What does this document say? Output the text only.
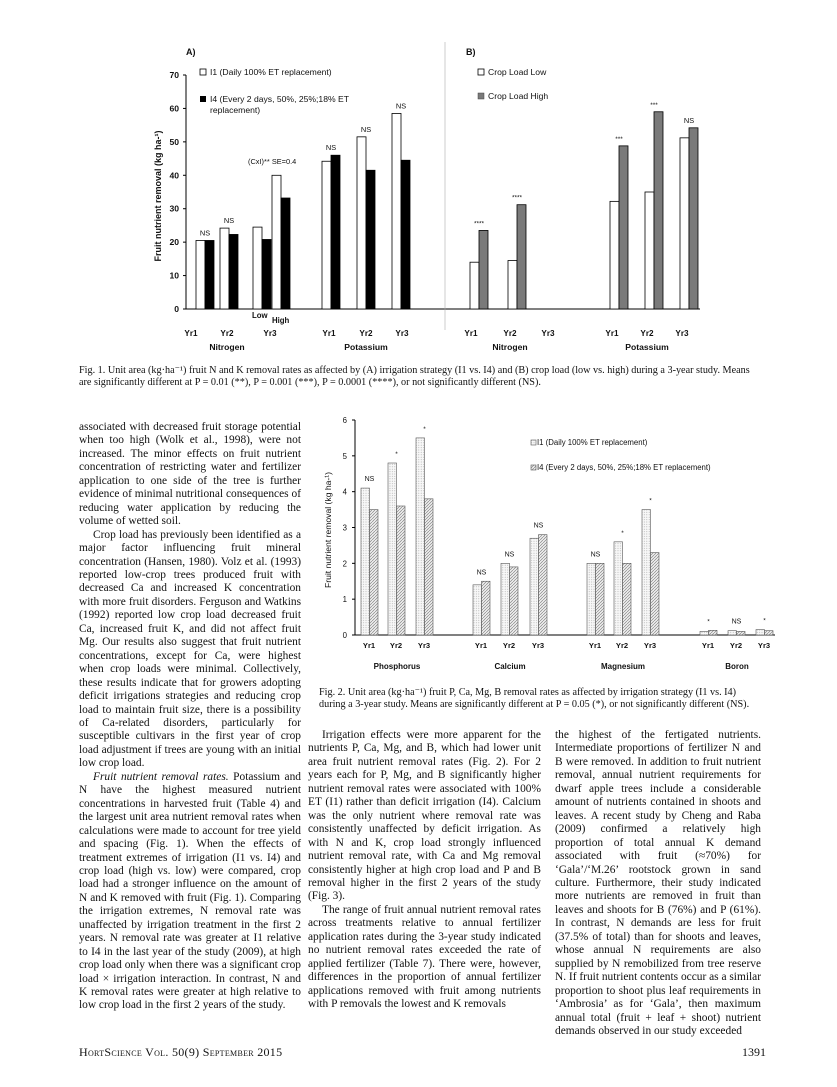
A)	B)
Fruit nutrient removal (kg ha-¹)
0
10
20
30
40
50
60
70	I1 (Daily 100% ET replacement)
I4 (Every 2 days, 50%, 25%;18% ET
replacement)
(CxI)** SE=0.4
Crop Load Low
Crop Load High
NS
NS
NS
NS
NS
****
****
***
***
NS
Low
High
Yr1	Yr2	Yr3	Yr1	Yr2	Yr3	Yr1	Yr2	Yr3	Yr1	Yr2	Yr3
Nitrogen	Potassium	Nitrogen	Potassium
Fig. 1. Unit area (kg·ha⁻¹) fruit N and K removal rates as affected by (A) irrigation strategy (I1 vs. I4) and (B) crop load (low vs. high) during a 3-year study. Means are significantly different at P = 0.01 (**), P = 0.001 (***), P = 0.0001 (****), or not significantly different (NS).
Fruit nutrient removal (kg ha-¹)
0
1
2
3
4
5
6
I1 (Daily 100% ET replacement)
I4 (Every 2 days, 50%, 25%;18% ET replacement)
NS
*
*
NS
NS
NS
NS
*
*
*	NS	*
Yr1 Yr2 Yr3	Yr1 Yr2 Yr3	Yr1 Yr2 Yr3	Yr1 Yr2 Yr3
Phosphorus	Calcium	Magnesium	Boron
Fig. 2. Unit area (kg·ha⁻¹) fruit P, Ca, Mg, B removal rates as affected by irrigation strategy (I1 vs. I4) during a 3-year study. Means are significantly different at P = 0.05 (*), or not significantly different (NS).

associated with decreased fruit storage potential when too high (Wolk et al., 1998), were not increased. The minor effects on fruit nutrient concentration of restricting water and fertilizer application to one side of the tree is further evidence of minimal nutritional consequences of reducing water application by reducing the volume of wetted soil.

Crop load has previously been identified as a major factor influencing fruit mineral concentration (Hansen, 1980). Volz et al. (1993) reported low-crop trees produced fruit with decreased Ca and increased K concentration with more fruit disorders. Ferguson and Watkins (1992) reported low crop load decreased fruit Ca, increased fruit K, and did not affect fruit Mg. Our results also suggest that fruit nutrient concentrations, except for Ca, were highest when crop loads were minimal. Collectively, these results indicate that for growers adopting deficit irrigations strategies and reducing crop load to maintain fruit size, there is a possibility of Ca-related disorders, particularly for susceptible cultivars in the first year of crop load adjustment if trees are young with an initial low crop load.

Fruit nutrient removal rates. Potassium and N have the highest measured nutrient concentrations in harvested fruit (Table 4) and the largest unit area nutrient removal rates when calculations were made to account for tree yield and spacing (Fig. 1). When the effects of treatment extremes of irrigation (I1 vs. I4) and crop load (high vs. low) were compared, crop load had a stronger influence on the amount of N and K removed with fruit (Fig. 1). Comparing the irrigation extremes, N removal rate was unaffected by irrigation treatment in the first 2 years. N removal rate was greater at I1 relative to I4 in the last year of the study (2009), at high crop load only when there was a significant crop load × irrigation interaction. In contrast, N and K removal rates were greater at high relative to low crop load in the first 2 years of the study.

Irrigation effects were more apparent for the nutrients P, Ca, Mg, and B, which had lower unit area fruit nutrient removal rates (Fig. 2). For 2 years each for P, Mg, and B significantly higher nutrient removal rates were associated with 100% ET (I1) rather than deficit irrigation (I4). Calcium was the only nutrient where removal rate was consistently unaffected by deficit irrigation. As with N and K, crop load strongly influenced nutrient removal rate, with Ca and Mg removal consistently higher at high crop load and P and B removal higher in the first 2 years of the study (Fig. 3).

The range of fruit annual nutrient removal rates across treatments relative to annual fertilizer application rates during the 3-year study indicated no nutrient removal rates exceeded the rate of applied fertilizer (Table 7). There were, however, differences in the proportion of annual fertilizer applications removed with fruit among nutrients with P removals the lowest and K removals

the highest of the fertigated nutrients. Intermediate proportions of fertilizer N and B were removed. In addition to fruit nutrient removal, annual nutrient requirements for dwarf apple trees include a considerable amount of nutrients contained in shoots and leaves. A recent study by Cheng and Raba (2009) confirmed a relatively high proportion of total annual K demand associated with fruit (≈70%) for ‘Gala’/‘M.26’ rootstock grown in sand culture. Furthermore, their study indicated more nutrients are removed in fruit than leaves and shoots for B (76%) and P (61%). In contrast, N demands are less for fruit (37.5% of total) than for shoots and leaves, whose annual N requirements are also supplied by N remobilized from tree reserve N. If fruit nutrient contents occur as a similar proportion to shoot plus leaf requirements in ‘Ambrosia’ as for ‘Gala’, then maximum annual total (fruit + leaf + shoot) nutrient demands observed in our study exceeded

HortScience Vol. 50(9) September 2015	1391
